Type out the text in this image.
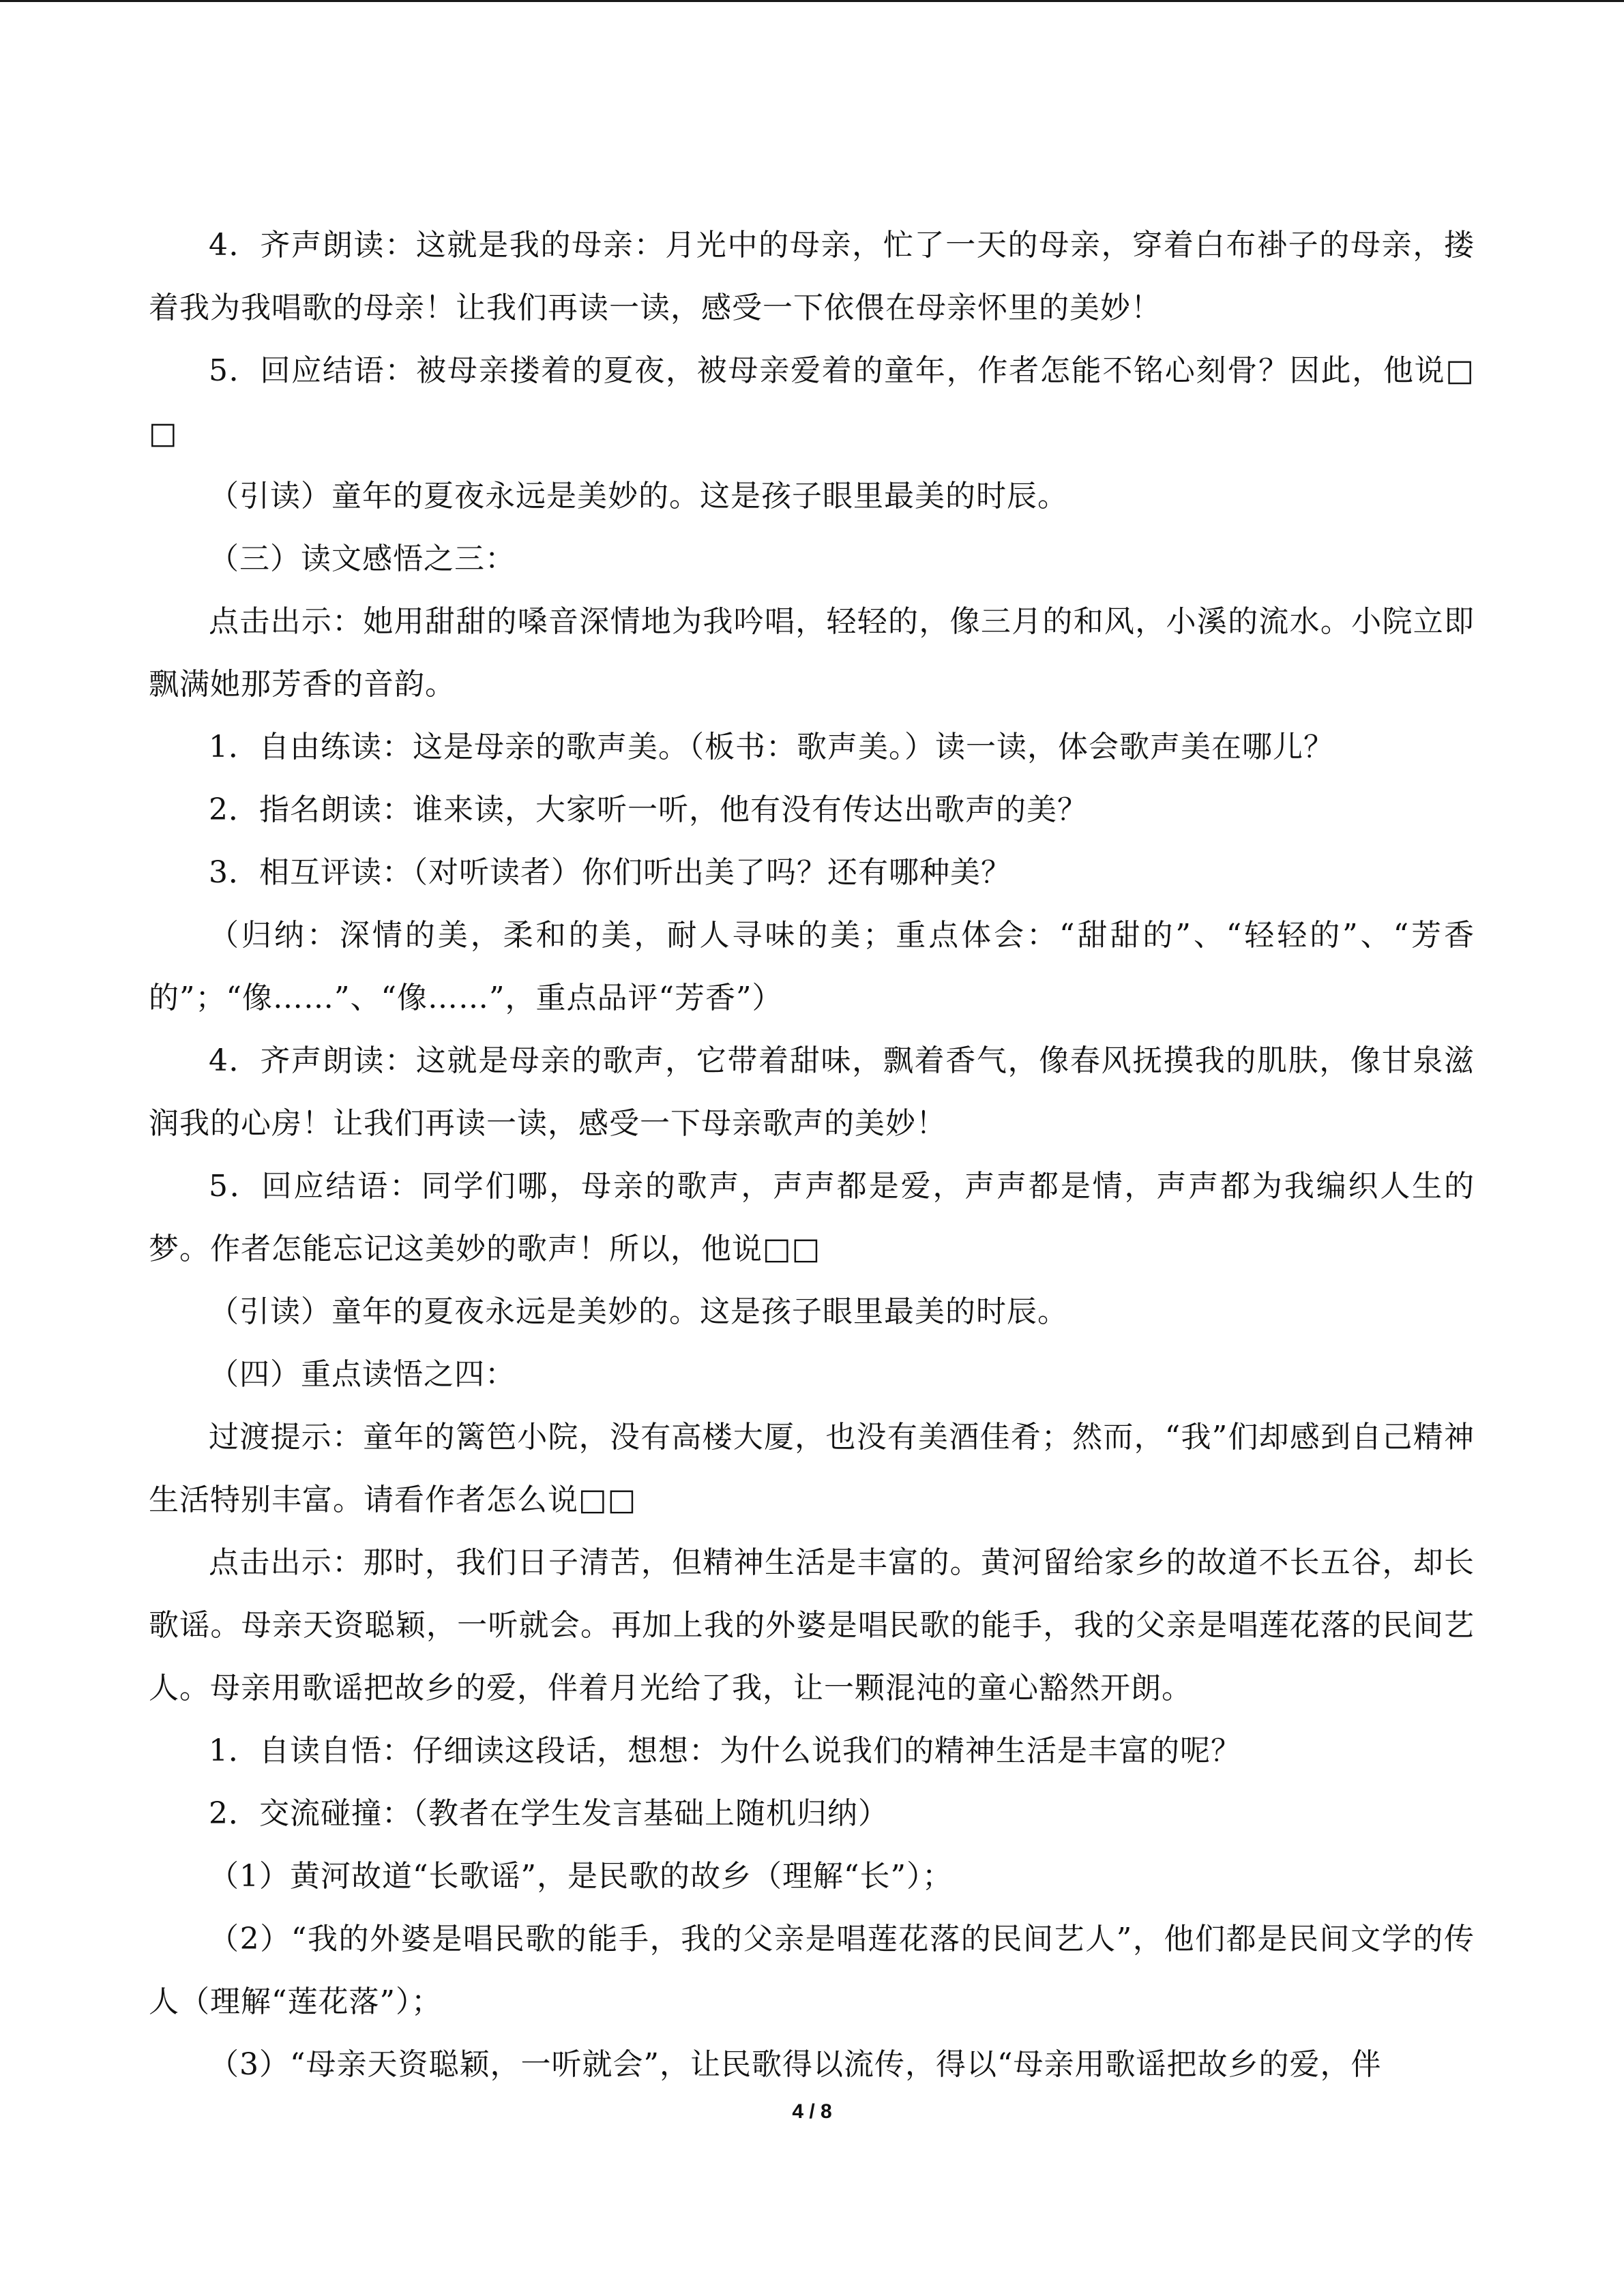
4．齐声朗读：这就是我的母亲：月光中的母亲，忙了一天的母亲，穿着白布褂子的母亲，搂着我为我唱歌的母亲！让我们再读一读，感受一下依偎在母亲怀里的美妙！

5．回应结语：被母亲搂着的夏夜，被母亲爱着的童年，作者怎能不铭心刻骨？因此，他说□□

（引读）童年的夏夜永远是美妙的。这是孩子眼里最美的时辰。

（三）读文感悟之三：

点击出示：她用甜甜的嗓音深情地为我吟唱，轻轻的，像三月的和风，小溪的流水。小院立即飘满她那芳香的音韵。

1．自由练读：这是母亲的歌声美。（板书：歌声美。）读一读，体会歌声美在哪儿？

2．指名朗读：谁来读，大家听一听，他有没有传达出歌声的美？

3．相互评读：（对听读者）你们听出美了吗？还有哪种美？

（归纳：深情的美，柔和的美，耐人寻味的美；重点体会：“甜甜的”、“轻轻的”、“芳香的”；“像……”、“像……”，重点品评“芳香”）

4．齐声朗读：这就是母亲的歌声，它带着甜味，飘着香气，像春风抚摸我的肌肤，像甘泉滋润我的心房！让我们再读一读，感受一下母亲歌声的美妙！

5．回应结语：同学们哪，母亲的歌声，声声都是爱，声声都是情，声声都为我编织人生的梦。作者怎能忘记这美妙的歌声！所以，他说□□

（引读）童年的夏夜永远是美妙的。这是孩子眼里最美的时辰。

（四）重点读悟之四：

过渡提示：童年的篱笆小院，没有高楼大厦，也没有美酒佳肴；然而，“我”们却感到自己精神生活特别丰富。请看作者怎么说□□

点击出示：那时，我们日子清苦，但精神生活是丰富的。黄河留给家乡的故道不长五谷，却长歌谣。母亲天资聪颖，一听就会。再加上我的外婆是唱民歌的能手，我的父亲是唱莲花落的民间艺人。母亲用歌谣把故乡的爱，伴着月光给了我，让一颗混沌的童心豁然开朗。

1．自读自悟：仔细读这段话，想想：为什么说我们的精神生活是丰富的呢？

2．交流碰撞：（教者在学生发言基础上随机归纳）

（1）黄河故道“长歌谣”，是民歌的故乡（理解“长”）；

（2）“我的外婆是唱民歌的能手，我的父亲是唱莲花落的民间艺人”，他们都是民间文学的传人（理解“莲花落”）；

（3）“母亲天资聪颖，一听就会”，让民歌得以流传，得以“母亲用歌谣把故乡的爱，伴

4 / 8
